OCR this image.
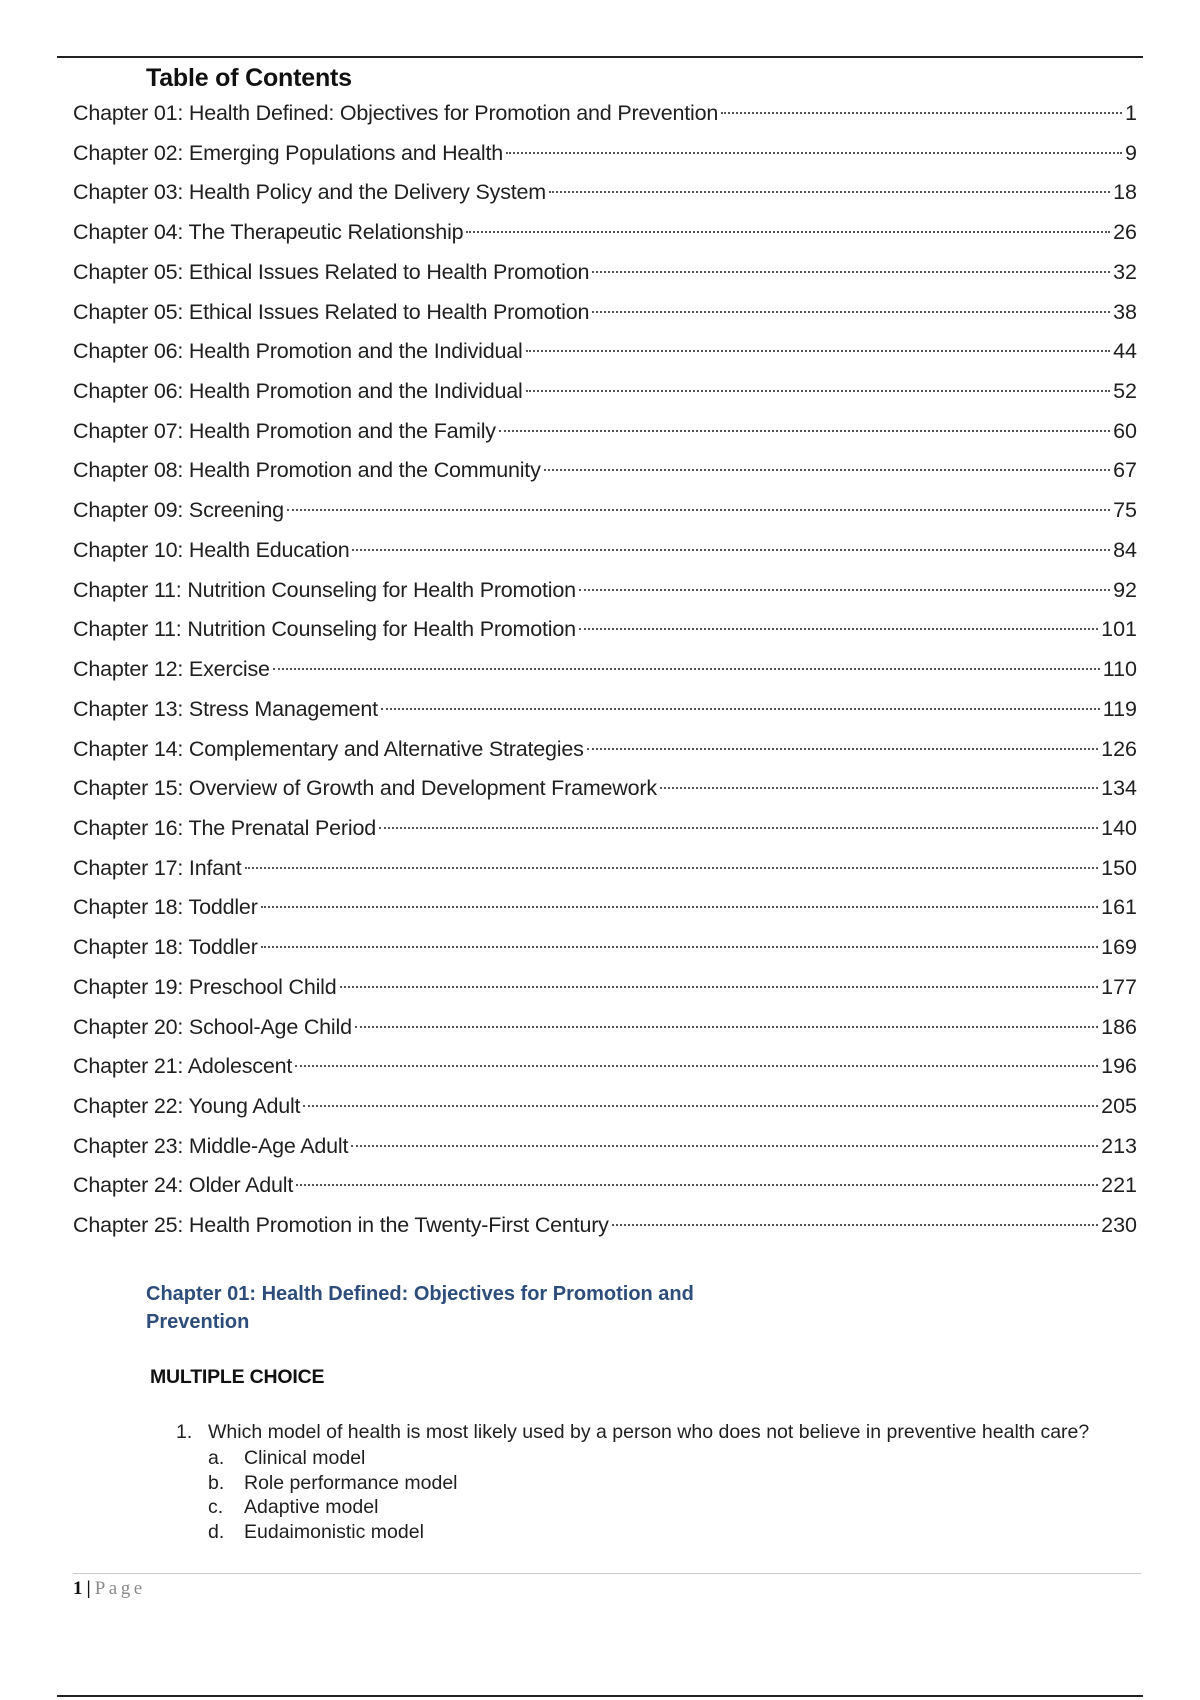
Table of Contents
Chapter 01: Health Defined: Objectives for Promotion and Prevention	1
Chapter 02: Emerging Populations and Health	9
Chapter 03: Health Policy and the Delivery System	18
Chapter 04: The Therapeutic Relationship	26
Chapter 05: Ethical Issues Related to Health Promotion	32
Chapter 05: Ethical Issues Related to Health Promotion	38
Chapter 06: Health Promotion and the Individual	44
Chapter 06: Health Promotion and the Individual	52
Chapter 07: Health Promotion and the Family	60
Chapter 08: Health Promotion and the Community	67
Chapter 09: Screening	75
Chapter 10: Health Education	84
Chapter 11: Nutrition Counseling for Health Promotion	92
Chapter 11: Nutrition Counseling for Health Promotion	101
Chapter 12: Exercise	110
Chapter 13: Stress Management	119
Chapter 14: Complementary and Alternative Strategies	126
Chapter 15: Overview of Growth and Development Framework	134
Chapter 16: The Prenatal Period	140
Chapter 17: Infant	150
Chapter 18: Toddler	161
Chapter 18: Toddler	169
Chapter 19: Preschool Child	177
Chapter 20: School-Age Child	186
Chapter 21: Adolescent	196
Chapter 22: Young Adult	205
Chapter 23: Middle-Age Adult	213
Chapter 24: Older Adult	221
Chapter 25: Health Promotion in the Twenty-First Century	230
Chapter 01: Health Defined: Objectives for Promotion and
Prevention
MULTIPLE CHOICE
1. Which model of health is most likely used by a person who does not believe in preventive health care?
a.	Clinical model
b.	Role performance model
c.	Adaptive model
d.	Eudaimonistic model
1 | Page
